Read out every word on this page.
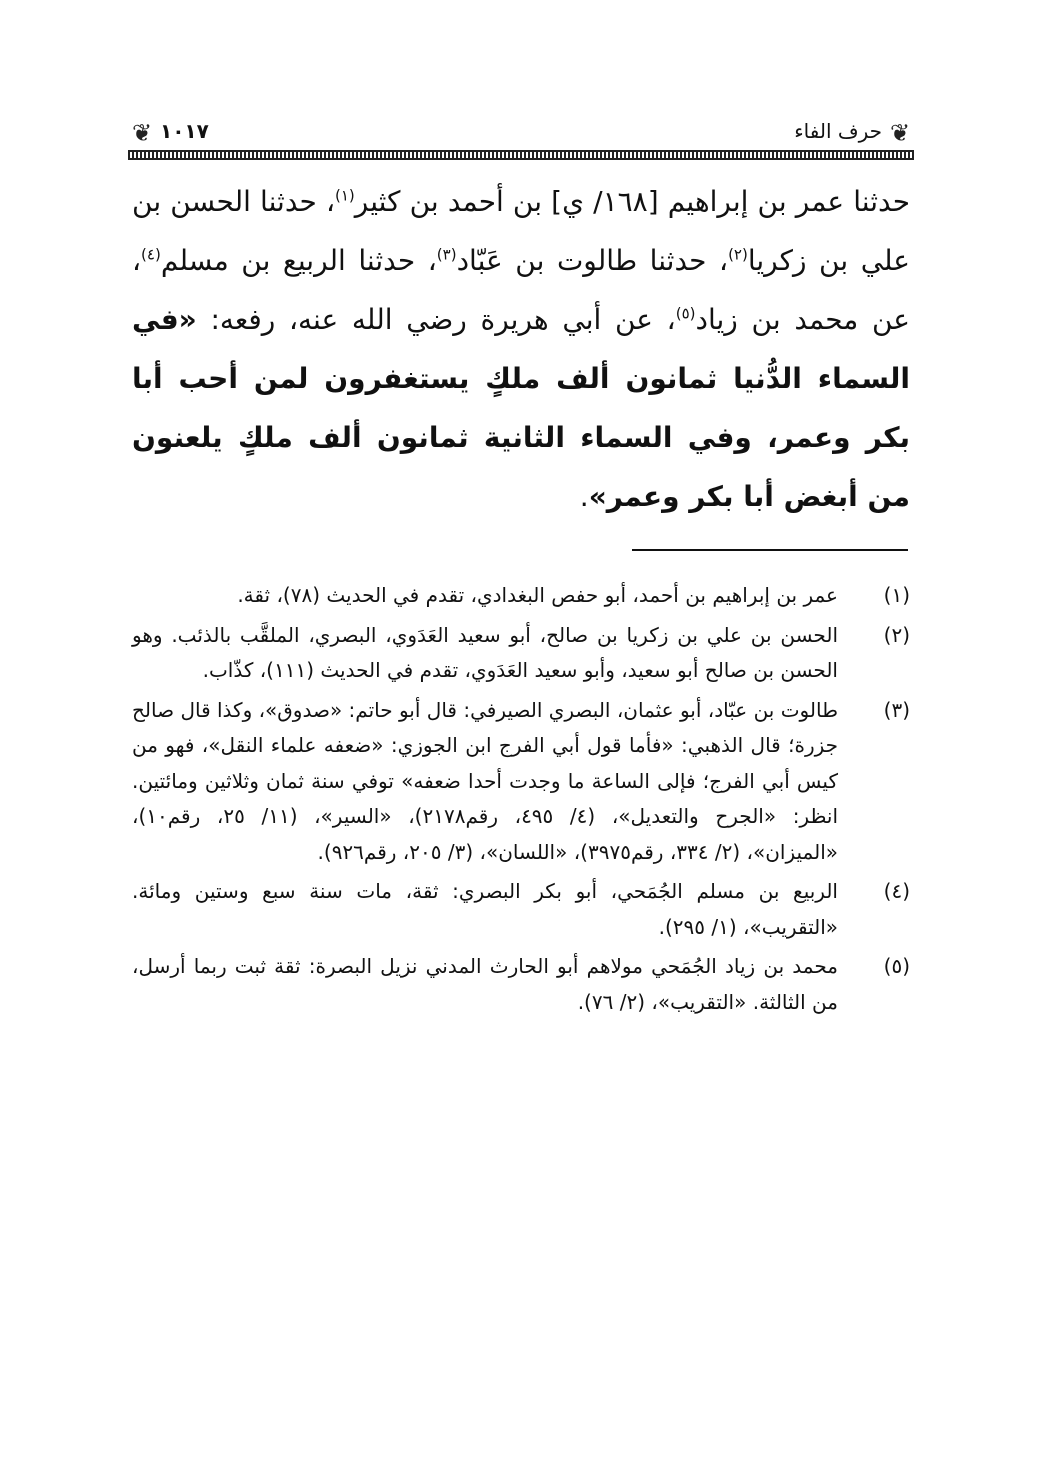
❦
حرف الفاء
١٠١٧
❦

حدثنا عمر بن إبراهيم [١٦٨/ ي] بن أحمد بن كثير$^{(١)}$، حدثنا الحسن بن علي بن زكريا$^{(٢)}$، حدثنا طالوت بن عَبّاد$^{(٣)}$، حدثنا الربيع بن مسلم$^{(٤)}$، عن محمد بن زياد$^{(٥)}$، عن أبي هريرة رضي الله عنه، رفعه: «في السماء الدُّنيا ثمانون ألف ملكٍ يستغفرون لمن أحب أبا بكر وعمر، وفي السماء الثانية ثمانون ألف ملكٍ يلعنون من أبغض أبا بكر وعمر».

(١)
عمر بن إبراهيم بن أحمد، أبو حفص البغدادي، تقدم في الحديث (٧٨)، ثقة.
(٢)
الحسن بن علي بن زكريا بن صالح، أبو سعيد العَدَوي، البصري، الملقَّب بالذئب. وهو الحسن بن صالح أبو سعيد، وأبو سعيد العَدَوي، تقدم في الحديث (١١١)، كذّاب.
(٣)
طالوت بن عبّاد، أبو عثمان، البصري الصيرفي: قال أبو حاتم: «صدوق»، وكذا قال صالح جزرة؛ قال الذهبي: «فأما قول أبي الفرج ابن الجوزي: «ضعفه علماء النقل»، فهو من كيس أبي الفرج؛ فإلى الساعة ما وجدت أحدا ضعفه» توفي سنة ثمان وثلاثين ومائتين. انظر: «الجرح والتعديل»، (٤/ ٤٩٥، رقم٢١٧٨)، «السير»، (١١/ ٢٥، رقم١٠)، «الميزان»، (٢/ ٣٣٤، رقم٣٩٧٥)، «اللسان»، (٣/ ٢٠٥، رقم٩٢٦).
(٤)
الربيع بن مسلم الجُمَحي، أبو بكر البصري: ثقة، مات سنة سبع وستين ومائة. «التقريب»، (١/ ٢٩٥).
(٥)
محمد بن زياد الجُمَحي مولاهم أبو الحارث المدني نزيل البصرة: ثقة ثبت ربما أرسل، من الثالثة. «التقريب»، (٢/ ٧٦).
